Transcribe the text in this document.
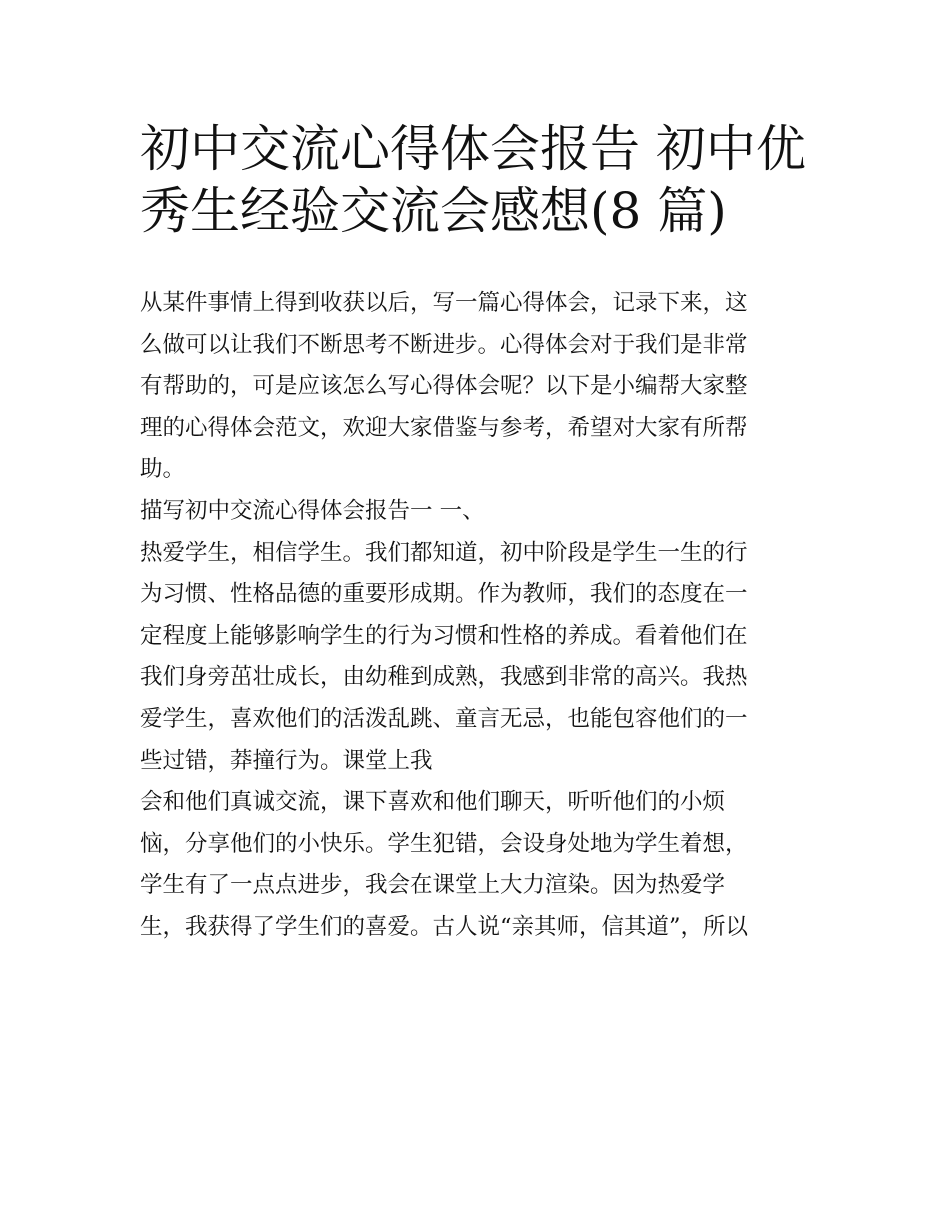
初中交流心得体会报告 初中优
秀生经验交流会感想(8 篇)
从某件事情上得到收获以后，写一篇心得体会，记录下来，这
么做可以让我们不断思考不断进步。心得体会对于我们是非常
有帮助的，可是应该怎么写心得体会呢？以下是小编帮大家整
理的心得体会范文，欢迎大家借鉴与参考，希望对大家有所帮
助。
描写初中交流心得体会报告一 一、
热爱学生，相信学生。我们都知道，初中阶段是学生一生的行
为习惯、性格品德的重要形成期。作为教师，我们的态度在一
定程度上能够影响学生的行为习惯和性格的养成。看着他们在
我们身旁茁壮成长，由幼稚到成熟，我感到非常的高兴。我热
爱学生，喜欢他们的活泼乱跳、童言无忌，也能包容他们的一
些过错，莽撞行为。课堂上我
会和他们真诚交流，课下喜欢和他们聊天，听听他们的小烦
恼，分享他们的小快乐。学生犯错，会设身处地为学生着想，
学生有了一点点进步，我会在课堂上大力渲染。因为热爱学
生，我获得了学生们的喜爱。古人说“亲其师，信其道”，所以
